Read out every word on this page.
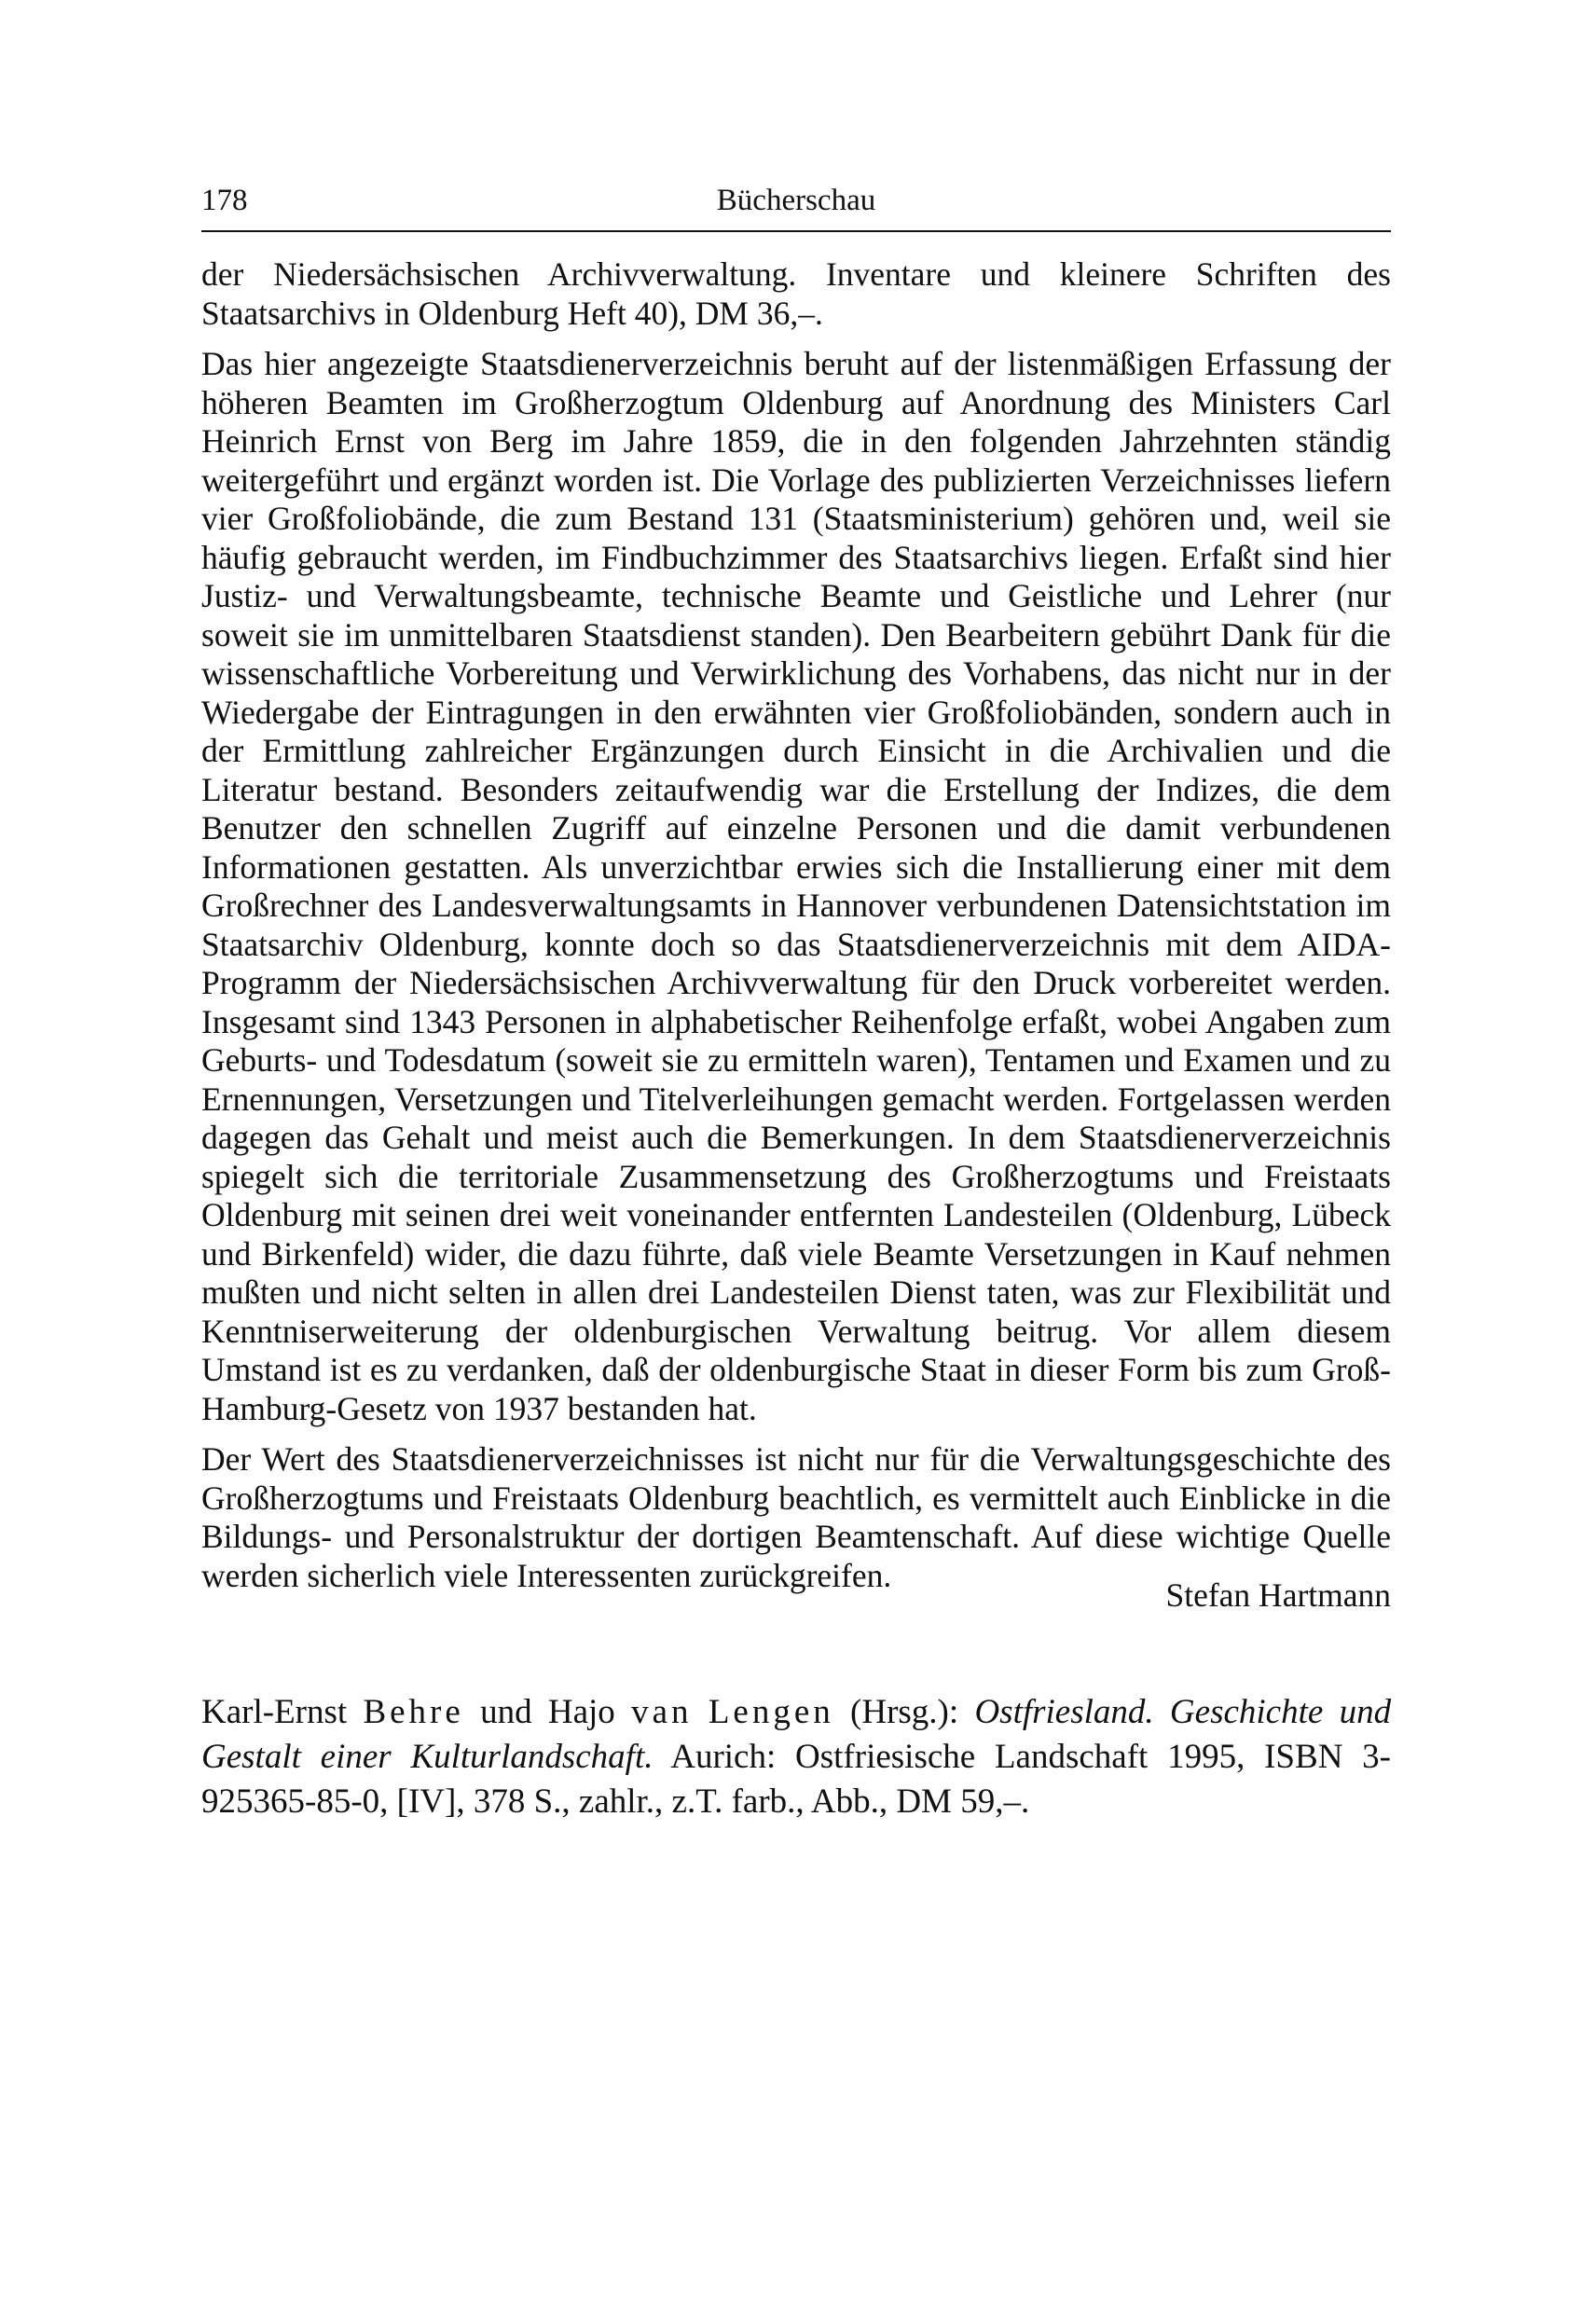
178	Bücherschau

der Niedersächsischen Archivverwaltung. Inventare und kleinere Schriften des Staatsarchivs in Oldenburg Heft 40), DM 36,–.

Das hier angezeigte Staatsdienerverzeichnis beruht auf der listenmäßigen Erfassung der höheren Beamten im Großherzogtum Oldenburg auf Anordnung des Ministers Carl Heinrich Ernst von Berg im Jahre 1859, die in den folgenden Jahrzehnten ständig weitergeführt und ergänzt worden ist. Die Vorlage des publizierten Verzeichnisses liefern vier Großfoliobände, die zum Bestand 131 (Staatsministerium) gehören und, weil sie häufig gebraucht werden, im Findbuchzimmer des Staatsarchivs liegen. Erfaßt sind hier Justiz- und Verwaltungsbeamte, technische Beamte und Geistliche und Lehrer (nur soweit sie im unmittelbaren Staatsdienst standen). Den Bearbeitern gebührt Dank für die wissenschaftliche Vorbereitung und Verwirklichung des Vorhabens, das nicht nur in der Wiedergabe der Eintragungen in den erwähnten vier Großfoliobänden, sondern auch in der Ermittlung zahlreicher Ergänzungen durch Einsicht in die Archivalien und die Literatur bestand. Besonders zeitaufwendig war die Erstellung der Indizes, die dem Benutzer den schnellen Zugriff auf einzelne Personen und die damit verbundenen Informationen gestatten. Als unverzichtbar erwies sich die Installierung einer mit dem Großrechner des Landesverwaltungsamts in Hannover verbundenen Datensichtstation im Staatsarchiv Oldenburg, konnte doch so das Staatsdienerverzeichnis mit dem AIDA-Programm der Niedersächsischen Archivverwaltung für den Druck vorbereitet werden. Insgesamt sind 1343 Personen in alphabetischer Reihenfolge erfaßt, wobei Angaben zum Geburts- und Todesdatum (soweit sie zu ermitteln waren), Tentamen und Examen und zu Ernennungen, Versetzungen und Titelverleihungen gemacht werden. Fortgelassen werden dagegen das Gehalt und meist auch die Bemerkungen. In dem Staatsdienerverzeichnis spiegelt sich die territoriale Zusammensetzung des Großherzogtums und Freistaats Oldenburg mit seinen drei weit voneinander entfernten Landesteilen (Oldenburg, Lübeck und Birkenfeld) wider, die dazu führte, daß viele Beamte Versetzungen in Kauf nehmen mußten und nicht selten in allen drei Landesteilen Dienst taten, was zur Flexibilität und Kenntniserweiterung der oldenburgischen Verwaltung beitrug. Vor allem diesem Umstand ist es zu verdanken, daß der oldenburgische Staat in dieser Form bis zum Groß-Hamburg-Gesetz von 1937 bestanden hat.

Der Wert des Staatsdienerverzeichnisses ist nicht nur für die Verwaltungsgeschichte des Großherzogtums und Freistaats Oldenburg beachtlich, es vermittelt auch Einblicke in die Bildungs- und Personalstruktur der dortigen Beamtenschaft. Auf diese wichtige Quelle werden sicherlich viele Interessenten zurückgreifen.

Stefan Hartmann
Karl-Ernst Behre und Hajo van Lengen (Hrsg.): Ostfriesland. Geschichte und Gestalt einer Kulturlandschaft. Aurich: Ostfriesische Landschaft 1995, ISBN 3-925365-85-0, [IV], 378 S., zahlr., z.T. farb., Abb., DM 59,–.
